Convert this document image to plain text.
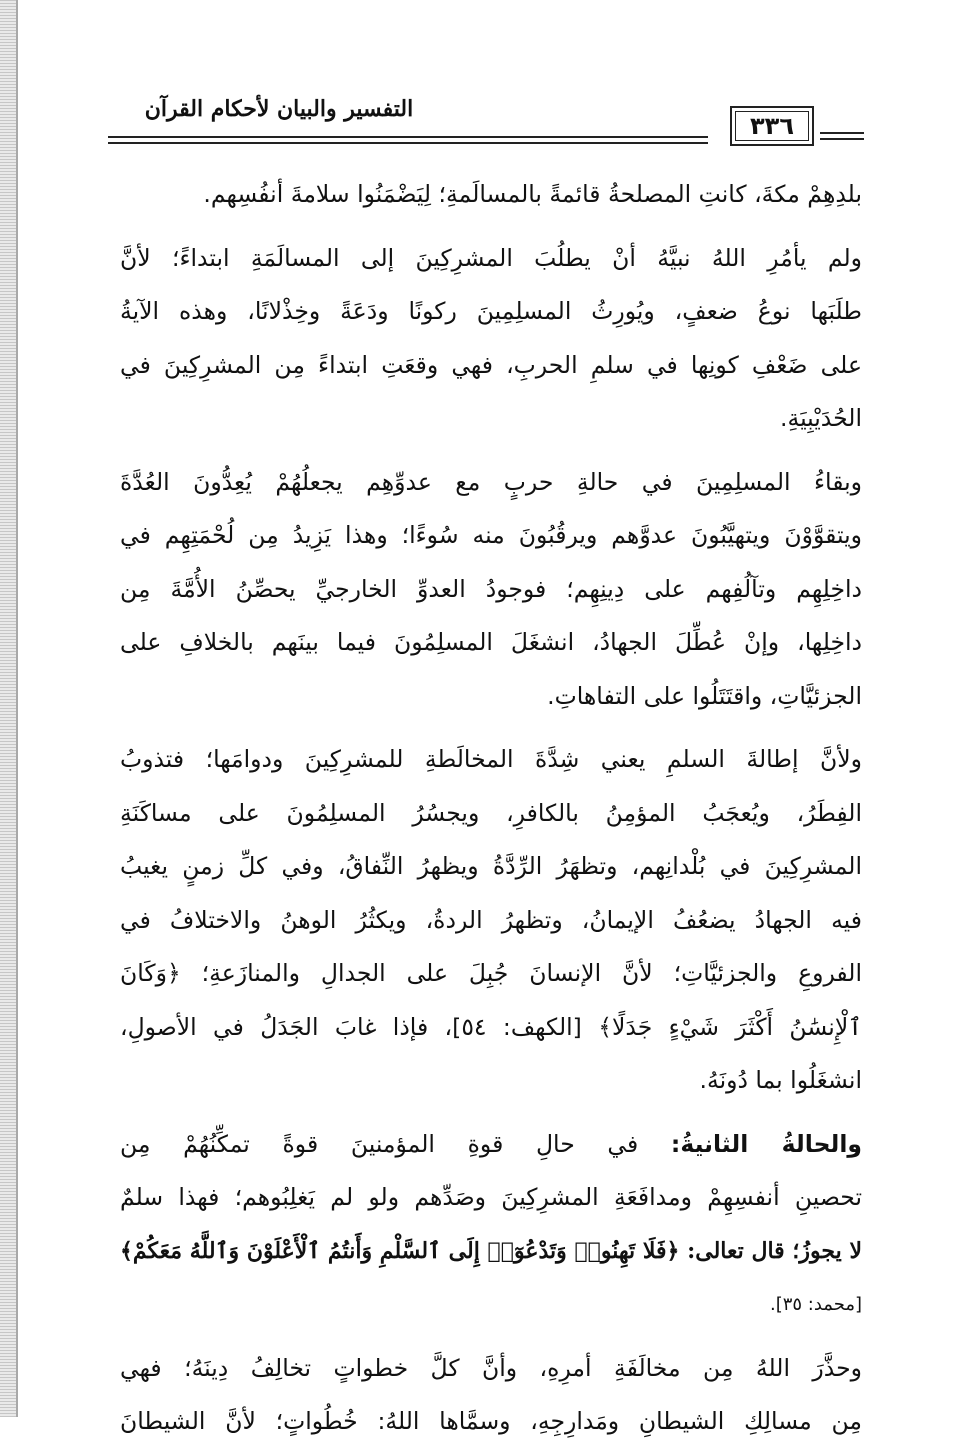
التفسير والبيان لأحكام القرآن
٣٣٦

بلدِهِمْ مكةَ، كانتِ المصلحةُ قائمةً بالمسالَمةِ؛ لِيَضْمَنُوا سلامةَ أنفُسِهم.

ولم يأمُرِ اللهُ نبيَّهُ أنْ يطلُبَ المشرِكِينَ إلى المسالَمَةِ ابتداءً؛ لأنَّ
طلَبَها نوعُ ضعفٍ، ويُورِثُ المسلِمِينَ ركونًا ودَعَةً وخِذْلانًا، وهذه الآيةُ
على ضَعْفِ كونِها في سلمِ الحربِ، فهي وقعَتِ ابتداءً مِن المشرِكِينَ في
الحُدَيْبِيَةِ.

وبقاءُ المسلِمِينَ في حالةِ حربٍ مع عدوِّهِم يجعلُهُمْ يُعِدُّونَ العُدَّةَ
ويتقوَّوْنَ ويتهيَّبُونَ عدوَّهم ويرقُبُونَ منه سُوءًا؛ وهذا يَزِيدُ مِن لُحْمَتِهِم في
داخِلِهِم وتآلُفِهم على دِينِهِم؛ فوجودُ العدوِّ الخارجيِّ يحصِّنُ الأُمَّةَ مِن
داخِلِها، وإنْ عُطِّلَ الجهادُ، انشغَلَ المسلِمُونَ فيما بينَهم بالخلافِ على
الجزئيَّاتِ، واقتَتَلُوا على التفاهاتِ.

ولأنَّ إطالةَ السلمِ يعني شِدَّةَ المخالَطةِ للمشرِكِينَ ودوامَها؛ فتذوبُ
الفِطَرُ، ويُعجَبُ المؤمِنُ بالكافرِ، ويجسُرُ المسلِمُونَ على مساكَنَةِ
المشرِكِينَ في بُلْدانِهم، وتظهَرُ الرِّدَّةُ ويظهرُ النِّفاقُ، وفي كلِّ زمنٍ يغيبُ
فيه الجهادُ يضعُفُ الإيمانُ، وتظهرُ الردةُ، ويكثُرُ الوهنُ والاختلافُ في
الفروعِ والجزئيَّاتِ؛ لأنَّ الإنسانَ جُبِلَ على الجدالِ والمنازَعةِ؛ ﴿وَكَانَ
ٱلْإِنسَٰنُ أَكْثَرَ شَيْءٍ جَدَلًا﴾ [الكهف: ٥٤]، فإذا غابَ الجَدَلُ في الأصولِ،
انشغَلُوا بما دُونَهُ.

والحالةُ الثانيةُ: في حالِ قوةِ المؤمنينَ قوةً تمكِّنُهُمْ مِن
تحصينِ أنفسِهِمْ ومدافَعَةِ المشرِكِينَ وصَدِّهم ولو لم يَغلِبُوهم؛ فهذا سلمٌ
لا يجوزُ؛ قال تعالى: ﴿فَلَا تَهِنُوا۟ وَتَدْعُوٓا۟ إِلَى ٱلسَّلْمِ وَأَنتُمُ ٱلْأَعْلَوْنَ وَٱللَّهُ مَعَكُمْ﴾
[محمد: ٣٥].

وحذَّرَ اللهُ مِن مخالَفَةِ أمرِهِ، وأنَّ كلَّ خطواتٍ تخالِفُ دِينَهُ؛ فهي
مِن مسالِكِ الشيطانِ ومَدارِجِهِ، وسمَّاها اللهُ: خُطُواتٍ؛ لأنَّ الشيطانَ
